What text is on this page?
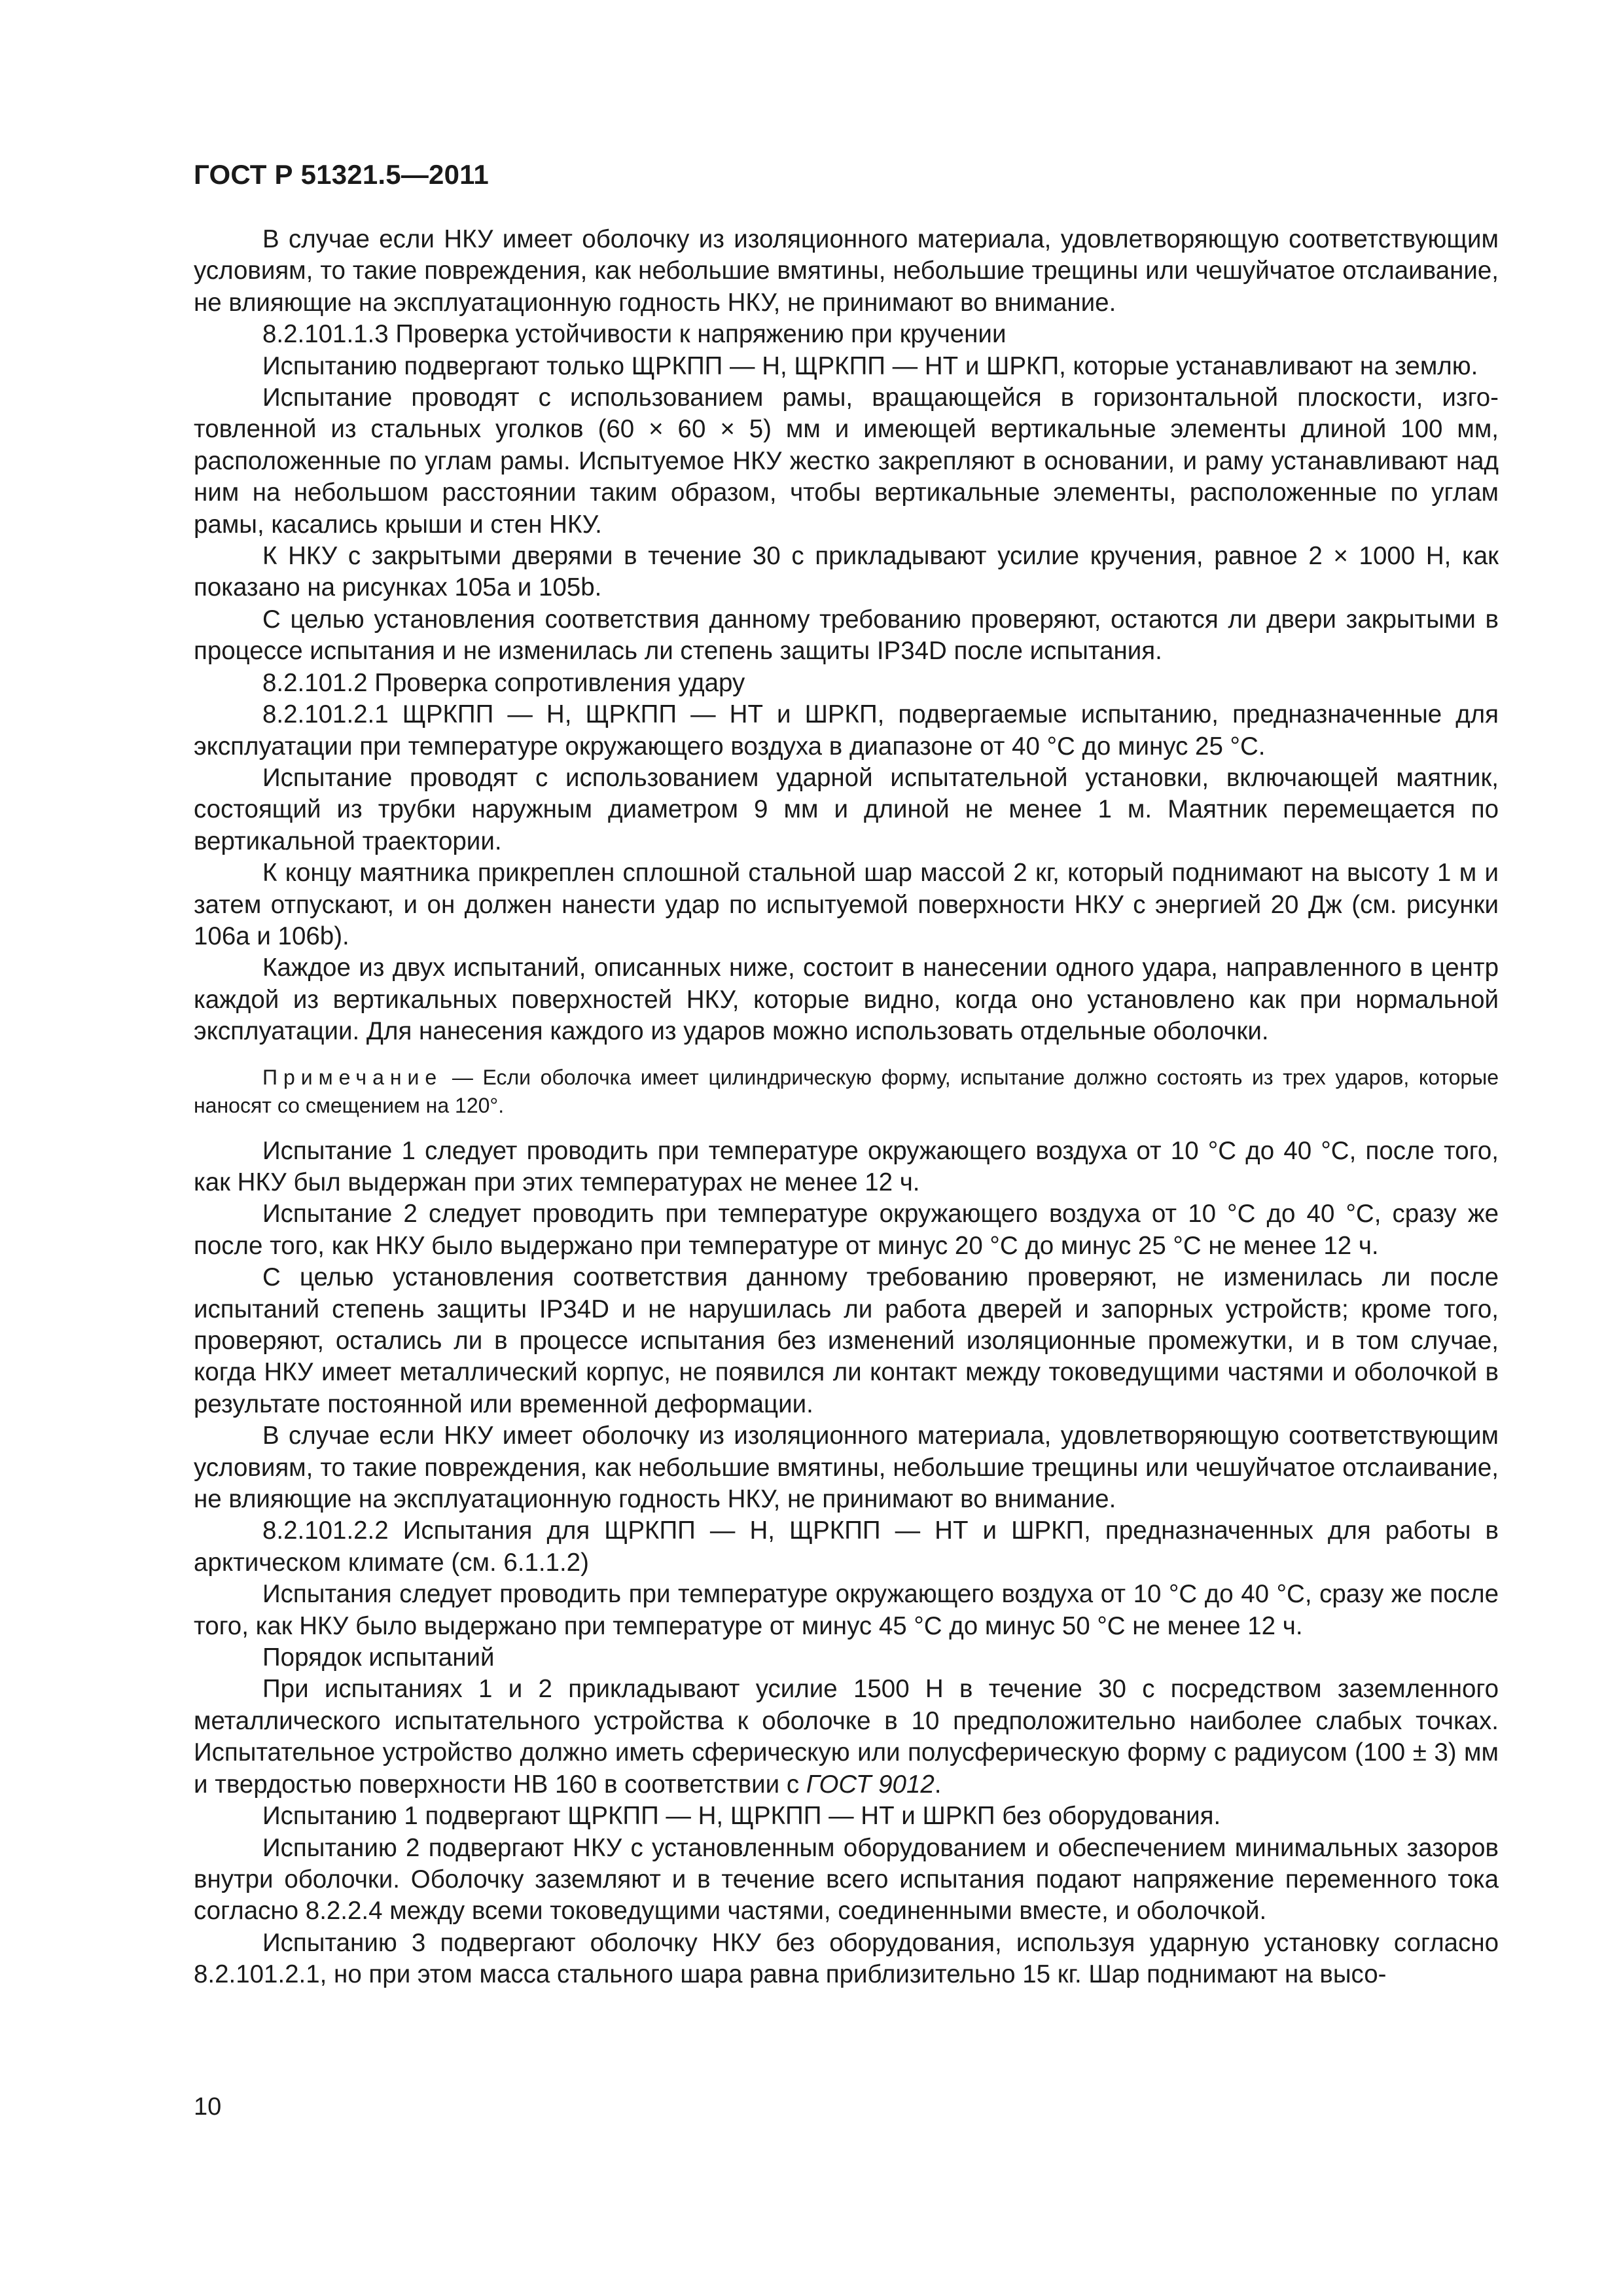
ГОСТ Р 51321.5—2011

В случае если НКУ имеет оболочку из изоляционного материала, удовлетворяющую соответствующим условиям, то такие повреждения, как небольшие вмятины, небольшие трещины или чешуйчатое отслаивание, не влияющие на эксплуатационную годность НКУ, не принимают во внимание.

8.2.101.1.3 Проверка устойчивости к напряжению при кручении

Испытанию подвергают только ЩРКПП — Н, ЩРКПП — НТ и ШРКП, которые устанавливают на землю.

Испытание проводят с использованием рамы, вращающейся в горизонтальной плоскости, изготовленной из стальных уголков (60 × 60 × 5) мм и имеющей вертикальные элементы длиной 100 мм, расположенные по углам рамы. Испытуемое НКУ жестко закрепляют в основании, и раму устанавливают над ним на небольшом расстоянии таким образом, чтобы вертикальные элементы, расположенные по углам рамы, касались крыши и стен НКУ.

К НКУ с закрытыми дверями в течение 30 с прикладывают усилие кручения, равное 2 × 1000 Н, как показано на рисунках 105а и 105b.

С целью установления соответствия данному требованию проверяют, остаются ли двери закрытыми в процессе испытания и не изменилась ли степень защиты IP34D после испытания.

8.2.101.2 Проверка сопротивления удару

8.2.101.2.1 ЩРКПП — Н, ЩРКПП — НТ и ШРКП, подвергаемые испытанию, предназначенные для эксплуатации при температуре окружающего воздуха в диапазоне от 40 °С до минус 25 °С.

Испытание проводят с использованием ударной испытательной установки, включающей маятник, состоящий из трубки наружным диаметром 9 мм и длиной не менее 1 м. Маятник перемещается по вертикальной траектории.

К концу маятника прикреплен сплошной стальной шар массой 2 кг, который поднимают на высоту 1 м и затем отпускают, и он должен нанести удар по испытуемой поверхности НКУ с энергией 20 Дж (см. рисунки 106а и 106b).

Каждое из двух испытаний, описанных ниже, состоит в нанесении одного удара, направленного в центр каждой из вертикальных поверхностей НКУ, которые видно, когда оно установлено как при нормальной эксплуатации. Для нанесения каждого из ударов можно использовать отдельные оболочки.

Примечание — Если оболочка имеет цилиндрическую форму, испытание должно состоять из трех ударов, которые наносят со смещением на 120°.

Испытание 1 следует проводить при температуре окружающего воздуха от 10 °С до 40 °С, после того, как НКУ был выдержан при этих температурах не менее 12 ч.

Испытание 2 следует проводить при температуре окружающего воздуха от 10 °С до 40 °С, сразу же после того, как НКУ было выдержано при температуре от минус 20 °С до минус 25 °С не менее 12 ч.

С целью установления соответствия данному требованию проверяют, не изменилась ли после испытаний степень защиты IP34D и не нарушилась ли работа дверей и запорных устройств; кроме того, проверяют, остались ли в процессе испытания без изменений изоляционные промежутки, и в том случае, когда НКУ имеет металлический корпус, не появился ли контакт между токоведущими частями и оболочкой в результате постоянной или временной деформации.

В случае если НКУ имеет оболочку из изоляционного материала, удовлетворяющую соответствующим условиям, то такие повреждения, как небольшие вмятины, небольшие трещины или чешуйчатое отслаивание, не влияющие на эксплуатационную годность НКУ, не принимают во внимание.

8.2.101.2.2 Испытания для ЩРКПП — Н, ЩРКПП — НТ и ШРКП, предназначенных для работы в арктическом климате (см. 6.1.1.2)

Испытания следует проводить при температуре окружающего воздуха от 10 °С до 40 °С, сразу же после того, как НКУ было выдержано при температуре от минус 45 °С до минус 50 °С не менее 12 ч.

Порядок испытаний

При испытаниях 1 и 2 прикладывают усилие 1500 Н в течение 30 с посредством заземленного металлического испытательного устройства к оболочке в 10 предположительно наиболее слабых точках. Испытательное устройство должно иметь сферическую или полусферическую форму с радиусом (100 ± 3) мм и твердостью поверхности НВ 160 в соответствии с ГОСТ 9012.

Испытанию 1 подвергают ЩРКПП — Н, ЩРКПП — НТ и ШРКП без оборудования.

Испытанию 2 подвергают НКУ с установленным оборудованием и обеспечением минимальных зазоров внутри оболочки. Оболочку заземляют и в течение всего испытания подают напряжение переменного тока согласно 8.2.2.4 между всеми токоведущими частями, соединенными вместе, и оболочкой.

Испытанию 3 подвергают оболочку НКУ без оборудования, используя ударную установку согласно 8.2.101.2.1, но при этом масса стального шара равна приблизительно 15 кг. Шар поднимают на высо-

10
